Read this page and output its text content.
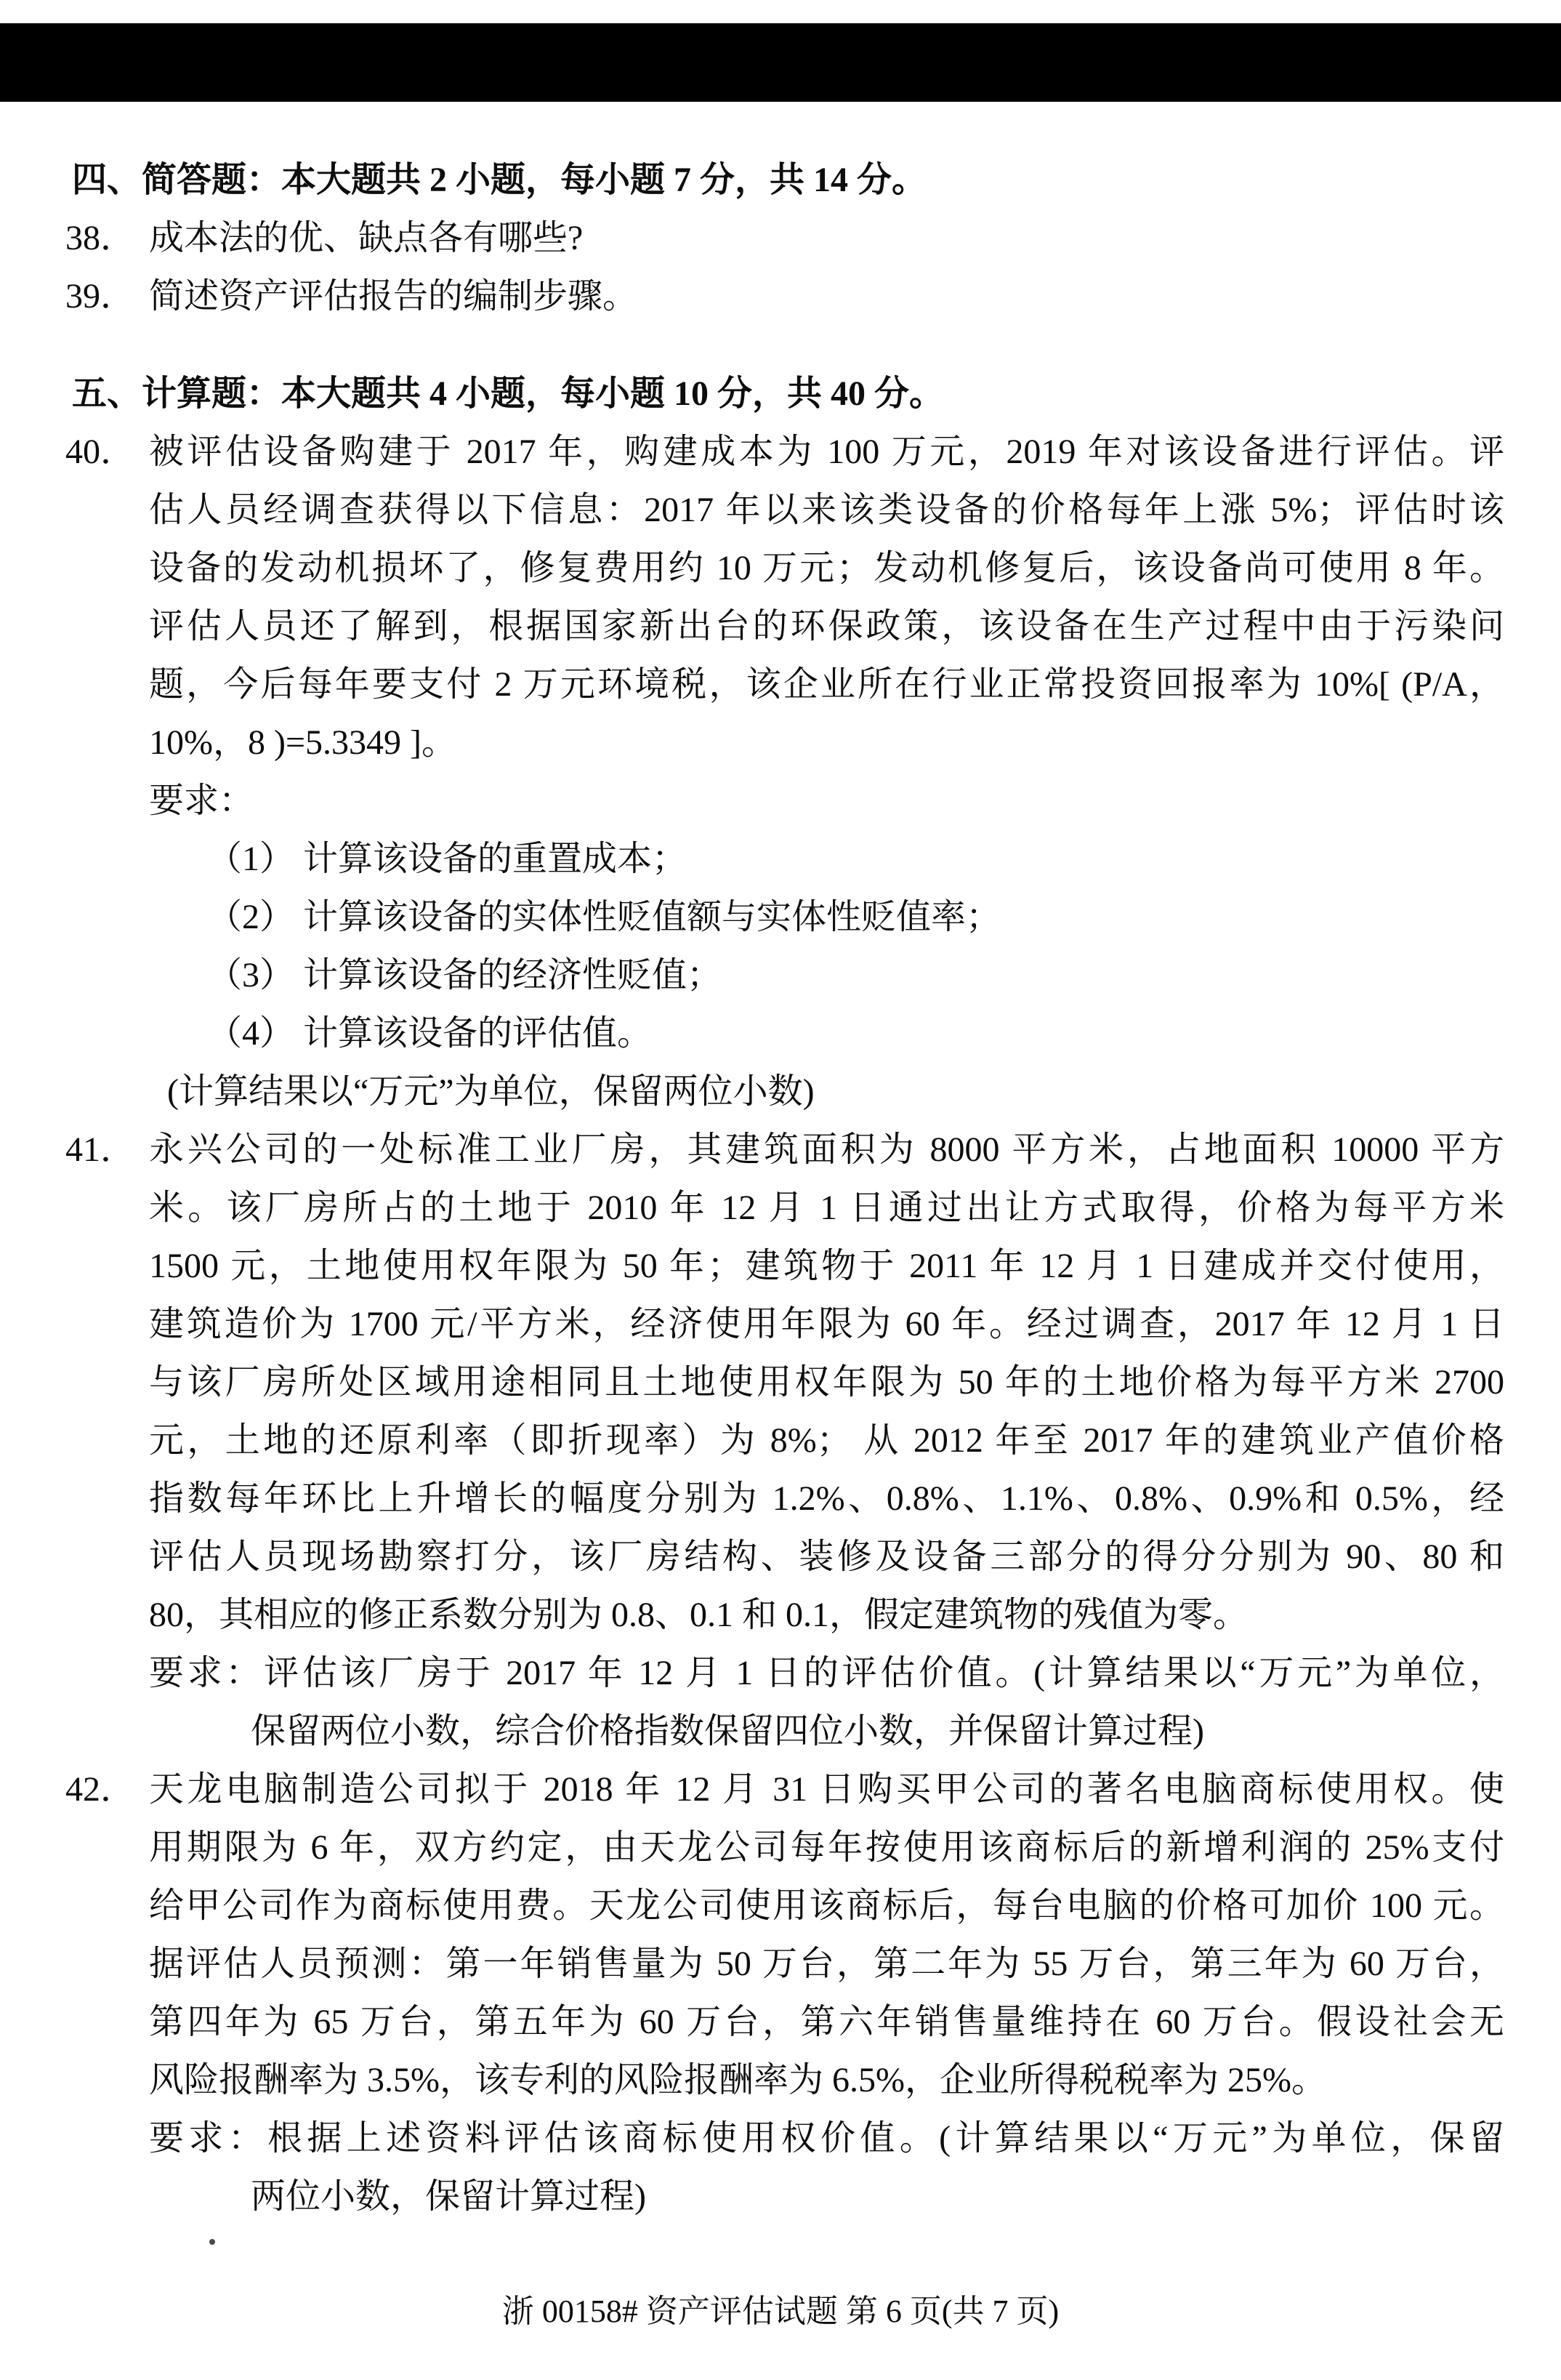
四、简答题：本大题共 2 小题，每小题 7 分，共 14 分。
38． 成本法的优、缺点各有哪些?
39． 简述资产评估报告的编制步骤。
五、计算题：本大题共 4 小题，每小题 10 分，共 40 分。
40． 被评估设备购建于 2017 年，购建成本为 100 万元，2019 年对该设备进行评估。评
估人员经调查获得以下信息：2017 年以来该类设备的价格每年上涨 5%；评估时该
设备的发动机损坏了，修复费用约 10 万元；发动机修复后，该设备尚可使用 8 年。
评估人员还了解到，根据国家新出台的环保政策，该设备在生产过程中由于污染问
题，今后每年要支付 2 万元环境税，该企业所在行业正常投资回报率为 10%[ (P/A，
10%，8 )=5.3349 ]。
要求：
（1） 计算该设备的重置成本；
（2） 计算该设备的实体性贬值额与实体性贬值率；
（3） 计算该设备的经济性贬值；
（4） 计算该设备的评估值。
(计算结果以“万元”为单位，保留两位小数)
41． 永兴公司的一处标准工业厂房，其建筑面积为 8000 平方米，占地面积 10000 平方
米。该厂房所占的土地于 2010 年 12 月 1 日通过出让方式取得，价格为每平方米
1500 元，土地使用权年限为 50 年；建筑物于 2011 年 12 月 1 日建成并交付使用，
建筑造价为 1700 元/平方米，经济使用年限为 60 年。经过调查，2017 年 12 月 1 日
与该厂房所处区域用途相同且土地使用权年限为 50 年的土地价格为每平方米 2700
元，土地的还原利率（即折现率）为 8%； 从 2012 年至 2017 年的建筑业产值价格
指数每年环比上升增长的幅度分别为 1.2%、0.8%、1.1%、0.8%、0.9%和 0.5%，经
评估人员现场勘察打分，该厂房结构、装修及设备三部分的得分分别为 90、80 和
80，其相应的修正系数分别为 0.8、0.1 和 0.1，假定建筑物的残值为零。
要求：评估该厂房于 2017 年 12 月 1 日的评估价值。(计算结果以“万元”为单位，
保留两位小数，综合价格指数保留四位小数，并保留计算过程)
42． 天龙电脑制造公司拟于 2018 年 12 月 31 日购买甲公司的著名电脑商标使用权。使
用期限为 6 年，双方约定，由天龙公司每年按使用该商标后的新增利润的 25%支付
给甲公司作为商标使用费。天龙公司使用该商标后，每台电脑的价格可加价 100 元。
据评估人员预测：第一年销售量为 50 万台，第二年为 55 万台，第三年为 60 万台，
第四年为 65 万台，第五年为 60 万台，第六年销售量维持在 60 万台。假设社会无
风险报酬率为 3.5%，该专利的风险报酬率为 6.5%，企业所得税税率为 25%。
要求：根据上述资料评估该商标使用权价值。(计算结果以“万元”为单位，保留
两位小数，保留计算过程)
浙 00158# 资产评估试题 第 6 页(共 7 页)
